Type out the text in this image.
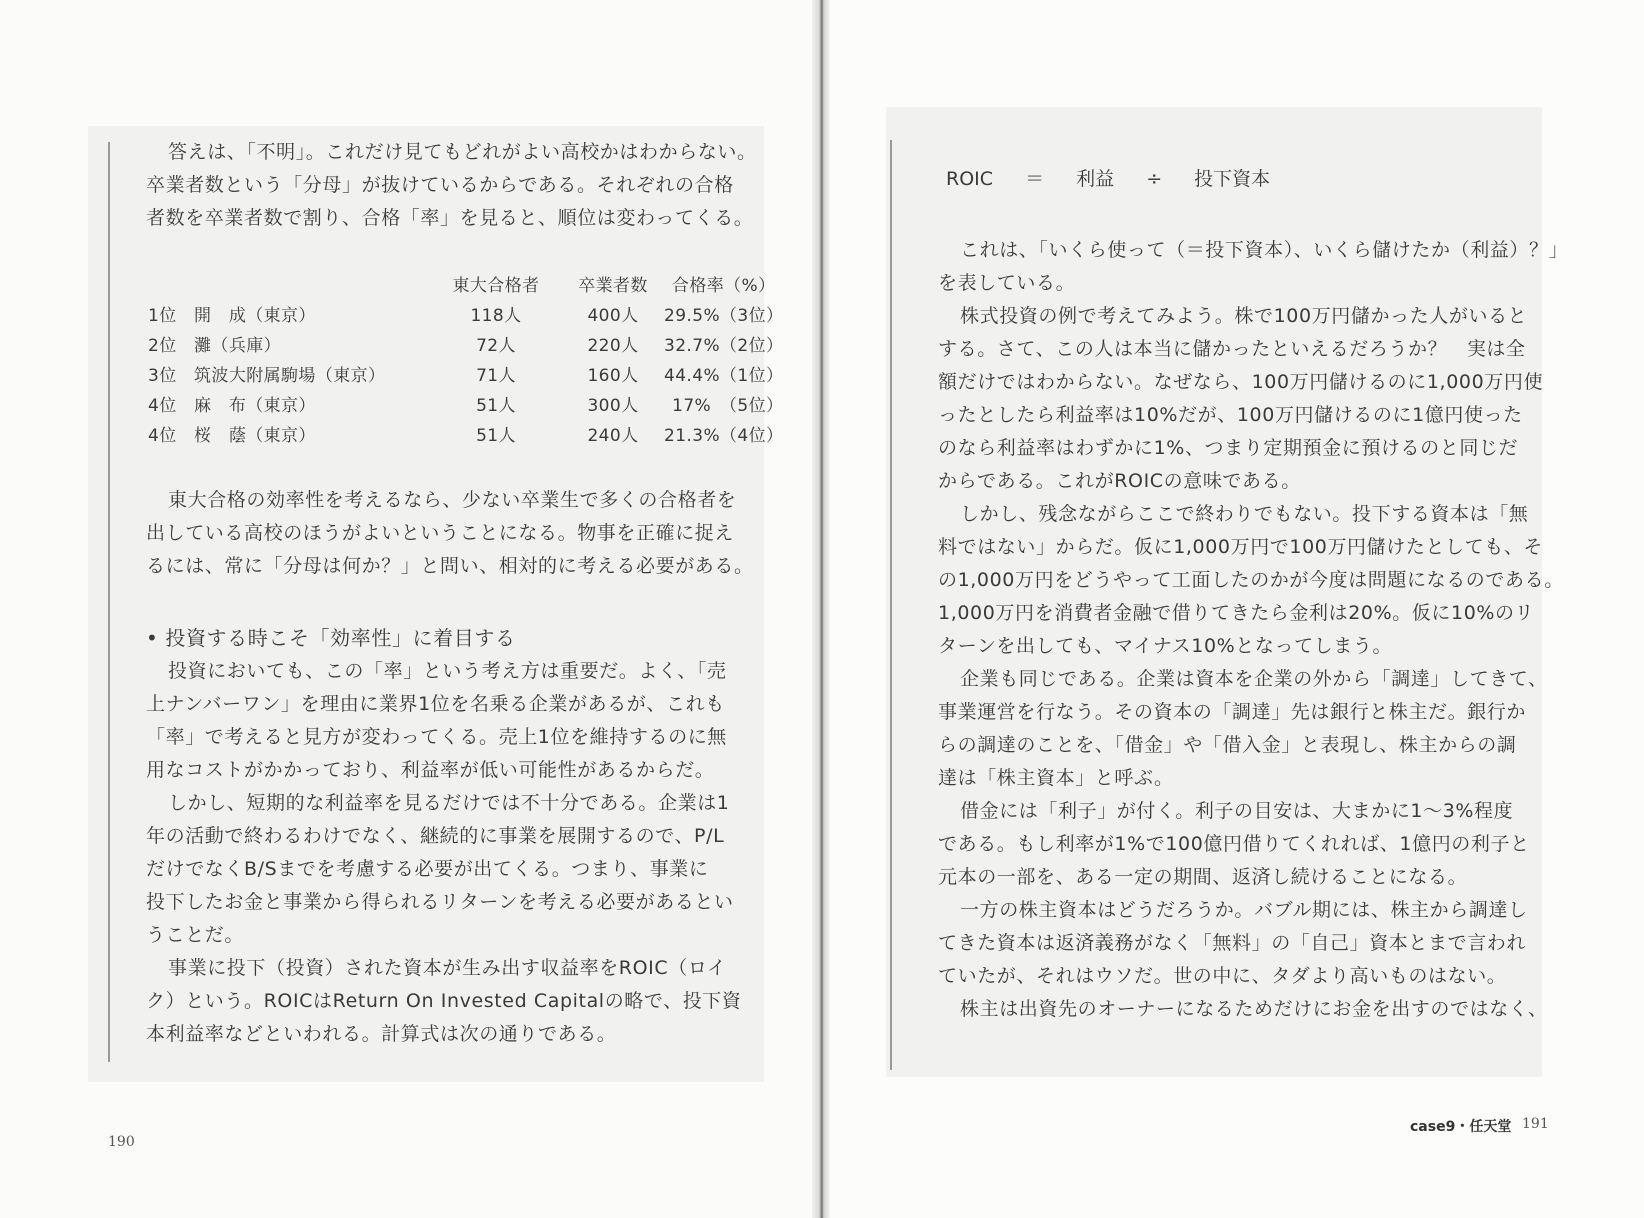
答えは、「不明」。これだけ見てもどれがよい高校かはわからない。

卒業者数という「分母」が抜けているからである。それぞれの合格

者数を卒業者数で割り、合格「率」を見ると、順位は変わってくる。

	東大合格者	卒業者数	合格率（%）
1位　 開　成（東京）	118人	400人	29.5%（3位）
2位　 灘（兵庫）	72人	220人	32.7%（2位）
3位　 筑波大附属駒場（東京）	71人	160人	44.4%（1位）
4位　 麻　布（東京）	51人	300人	17%　（5位）
4位　 桜　蔭（東京）	51人	240人	21.3%（4位）

東大合格の効率性を考えるなら、少ない卒業生で多くの合格者を

出している高校のほうがよいということになる。物事を正確に捉え

るには、常に「分母は何か？」と問い、相対的に考える必要がある。

• 投資する時こそ「効率性」に着目する

投資においても、この「率」という考え方は重要だ。よく、「売

上ナンバーワン」を理由に業界1位を名乗る企業があるが、これも

「率」で考えると見方が変わってくる。売上1位を維持するのに無

用なコストがかかっており、利益率が低い可能性があるからだ。

しかし、短期的な利益率を見るだけでは不十分である。企業は1

年の活動で終わるわけでなく、継続的に事業を展開するので、P/L

だけでなくB/Sまでを考慮する必要が出てくる。つまり、事業に

投下したお金と事業から得られるリターンを考える必要があるとい

うことだ。

事業に投下（投資）された資本が生み出す収益率をROIC（ロイ

ク）という。ROICはReturn On Invested Capitalの略で、投下資

本利益率などといわれる。計算式は次の通りである。

190
ROIC ＝ 利益 ÷ 投下資本

これは、「いくら使って（＝投下資本）、いくら儲けたか（利益）？」

を表している。

株式投資の例で考えてみよう。株で100万円儲かった人がいると

する。さて、この人は本当に儲かったといえるだろうか？　実は全

額だけではわからない。なぜなら、100万円儲けるのに1,000万円使

ったとしたら利益率は10%だが、100万円儲けるのに1億円使った

のなら利益率はわずかに1%、つまり定期預金に預けるのと同じだ

からである。これがROICの意味である。

しかし、残念ながらここで終わりでもない。投下する資本は「無

料ではない」からだ。仮に1,000万円で100万円儲けたとしても、そ

の1,000万円をどうやって工面したのかが今度は問題になるのである。

1,000万円を消費者金融で借りてきたら金利は20%。仮に10%のリ

ターンを出しても、マイナス10%となってしまう。

企業も同じである。企業は資本を企業の外から「調達」してきて、

事業運営を行なう。その資本の「調達」先は銀行と株主だ。銀行か

らの調達のことを、「借金」や「借入金」と表現し、株主からの調

達は「株主資本」と呼ぶ。

借金には「利子」が付く。利子の目安は、大まかに1〜3%程度

である。もし利率が1%で100億円借りてくれれば、1億円の利子と

元本の一部を、ある一定の期間、返済し続けることになる。

一方の株主資本はどうだろうか。バブル期には、株主から調達し

てきた資本は返済義務がなく「無料」の「自己」資本とまで言われ

ていたが、それはウソだ。世の中に、タダより高いものはない。

株主は出資先のオーナーになるためだけにお金を出すのではなく、

case9・任天堂 191
